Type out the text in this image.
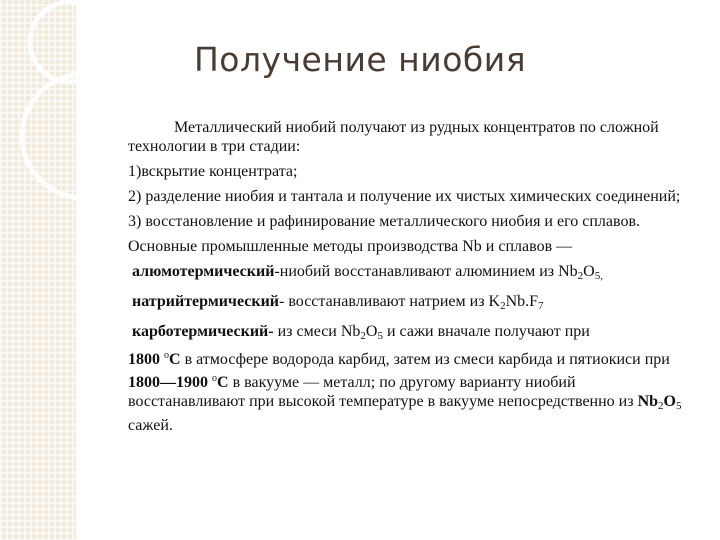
Получение ниобия

Металлический ниобий получают из рудных концентратов по сложной технологии в три стадии:

1)вскрытие концентрата;

2) разделение ниобия и тантала и получение их чистых химических соединений;

3) восстановление и рафинирование металлического ниобия и его сплавов.

Основные промышленные методы производства Nb и сплавов —

алюмотермический-ниобий восстанавливают алюминием из $Nb_2O_{5,}$

натрийтермический- восстанавливают натрием из $K_2Nb.F_7$

карботермический- из смеси $Nb_2O_5$ и сажи вначале получают при
1800 $^о$С в атмосфере водорода карбид, затем из смеси карбида и пятиокиси при 1800—1900 $^о$С в вакууме — металл; по другому варианту ниобий восстанавливают при высокой температуре в вакууме непосредственно из $Nb_2O_5$ сажей.
